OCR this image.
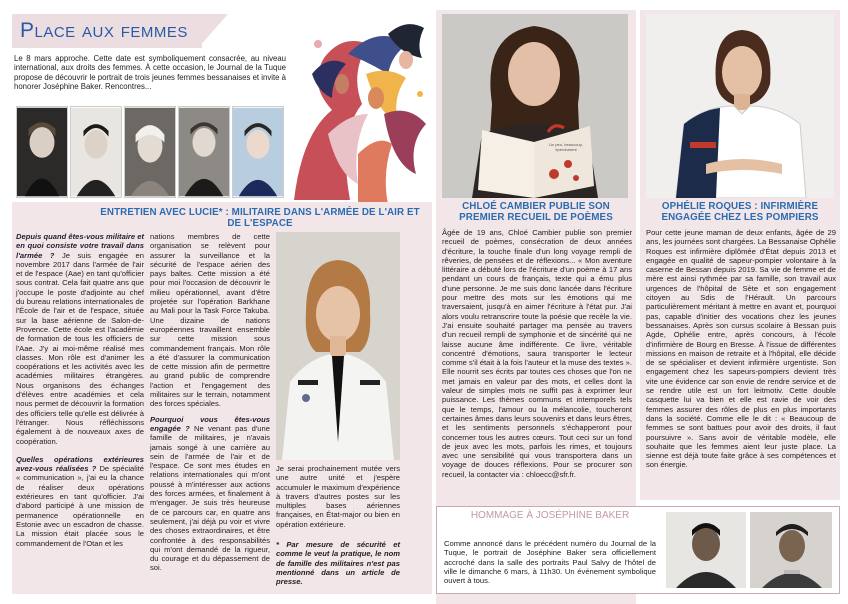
Place aux femmes

Le 8 mars approche. Cette date est symboliquement consacrée, au niveau international, aux droits des femmes. À cette occasion, le Journal de la Tuque propose de découvrir le portrait de trois jeunes femmes bessanaises et invite à honorer Joséphine Baker. Rencontres...

ENTRETIEN AVEC LUCIE* : MILITAIRE DANS L'ARMÉE DE L'AIR ET DE L'ESPACE
Depuis quand êtes-vous militaire et en quoi consiste votre travail dans l'armée ? Je suis engagée en novembre 2017 dans l'armée de l'air et de l'espace (Aae) en tant qu'officier sous contrat. Cela fait quatre ans que j'occupe le poste d'adjointe au chef du bureau relations internationales de l'École de l'air et de l'espace, située sur la base aérienne de Salon-de-Provence. Cette école est l'académie de formation de tous les officiers de l'Aae. J'y ai moi-même réalisé mes classes. Mon rôle est d'animer les coopérations et les activités avec les académies militaires étrangères. Nous organisons des échanges d'élèves entre académies et cela nous permet de découvrir la formation des officiers telle qu'elle est délivrée à l'étranger. Nous réfléchissons également à de nouveaux axes de coopération.
Quelles opérations extérieures avez-vous réalisées ? De spécialité « communication », j'ai eu la chance de réaliser deux opérations extérieures en tant qu'officier. J'ai d'abord participé à une mission de permanence opérationnelle en Estonie avec un escadron de chasse. La mission était placée sous le commandement de l'Otan et les
nations membres de cette organisation se relèvent pour assurer la surveillance et la sécurité de l'espace aérien des pays baltes. Cette mission a été pour moi l'occasion de découvrir le milieu opérationnel, avant d'être projetée sur l'opération Barkhane au Mali pour la Task Force Takuba. Une dizaine de nations européennes travaillent ensemble sur cette mission sous commandement français. Mon rôle a été d'assurer la communication de cette mission afin de permettre au grand public de comprendre l'action et l'engagement des militaires sur le terrain, notamment des forces spéciales.
Pourquoi vous êtes-vous engagée ? Ne venant pas d'une famille de militaires, je n'avais jamais songé à une carrière au sein de l'armée de l'air et de l'espace. Ce sont mes études en relations internationales qui m'ont poussé à m'intéresser aux actions des forces armées, et finalement à m'engager. Je suis très heureuse de ce parcours car, en quatre ans seulement, j'ai déjà pu voir et vivre des choses extraordinaires, et être confrontée à des responsabilités qui m'ont demandé de la rigueur, du courage et du dépassement de soi.

Je serai prochainement mutée vers une autre unité et j'espère accumuler le maximum d'expérience à travers d'autres postes sur les multiples bases aériennes françaises, en État-major ou bien en opération extérieure.

* Par mesure de sécurité et comme le veut la pratique, le nom de famille des militaires n'est pas mentionné dans un article de presse.

Un peu, beaucoup, éperdument
CHLOÉ CAMBIER PUBLIE SON PREMIER RECUEIL DE POÈMES

Âgée de 19 ans, Chloé Cambier publie son premier recueil de poèmes, consécration de deux années d'écriture, la touche finale d'un long voyage rempli de rêveries, de pensées et de réflexions... « Mon aventure littéraire a débuté lors de l'écriture d'un poème à 17 ans pendant un cours de français, texte qui a ému plus d'une personne. Je me suis donc lancée dans l'écriture pour mettre des mots sur les émotions qui me traversaient, jusqu'à en aimer l'écriture à l'état pur. J'ai alors voulu retranscrire toute la poésie que recèle la vie. J'ai ensuite souhaité partager ma pensée au travers d'un recueil rempli de symphonie et de sincérité qui ne laisse aucune âme indifférente. Ce livre, véritable concentré d'émotions, saura transporter le lecteur comme s'il était à la fois l'auteur et la muse des textes ». Elle nourrit ses écrits par toutes ces choses que l'on ne met jamais en valeur par des mots, et celles dont la valeur de simples mots ne suffit pas à exprimer leur puissance. Les thèmes communs et intemporels tels que le temps, l'amour ou la mélancolie, toucheront certaines âmes dans leurs souvenirs et dans leurs êtres, et les sentiments personnels s'échapperont pour concerner tous les autres cœurs. Tout ceci sur un fond de jeux avec les mots, parfois les rimes, et toujours avec une sensibilité qui vous transportera dans un voyage de douces réflexions. Pour se procurer son recueil, la contacter via : chloecc@sfr.fr.

OPHÉLIE ROQUES : INFIRMIÈRE ENGAGÉE CHEZ LES POMPIERS

Pour cette jeune maman de deux enfants, âgée de 29 ans, les journées sont chargées. La Bessanaise Ophélie Roques est infirmière diplômée d'État depuis 2013 et engagée en qualité de sapeur-pompier volontaire à la caserne de Bessan depuis 2019. Sa vie de femme et de mère est ainsi rythmée par sa famille, son travail aux urgences de l'hôpital de Sète et son engagement citoyen au Sdis de l'Hérault. Un parcours particulièrement méritant à mettre en avant et, pourquoi pas, capable d'initier des vocations chez les jeunes bessanaises. Après son cursus scolaire à Bessan puis Agde, Ophélie entre, après concours, à l'école d'infirmière de Bourg en Bresse. À l'issue de différentes missions en maison de retraite et à l'hôpital, elle décide de se spécialiser et devient infirmière urgentiste. Son engagement chez les sapeurs-pompiers devient très vite une évidence car son envie de rendre service et de se rendre utile est un fort leitmotiv. Cette double casquette lui va bien et elle est ravie de voir des femmes assurer des rôles de plus en plus importants dans la société. Comme elle le dit : « Beaucoup de femmes se sont battues pour avoir des droits, il faut poursuivre ». Sans avoir de véritable modèle, elle souhaite que les femmes aient leur juste place. La sienne est déjà toute faite grâce à ses compétences et son énergie.

HOMMAGE À JOSÉPHINE BAKER

Comme annoncé dans le précédent numéro du Journal de la Tuque, le portrait de Joséphine Baker sera officiellement accroché dans la salle des portraits Paul Salvy de l'hôtel de ville le dimanche 6 mars, à 11h30. Un événement symbolique ouvert à tous.
